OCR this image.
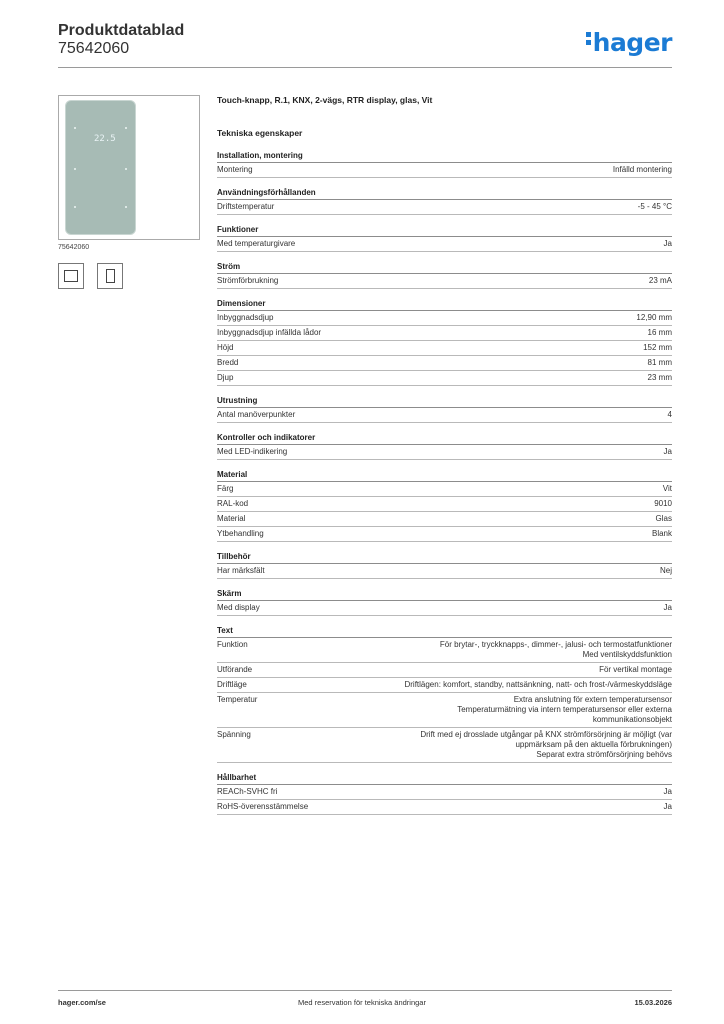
Produktdatablad
75642060	hager
22.5
75642060
Touch-knapp, R.1, KNX, 2-vägs, RTR display, glas, Vit
Tekniska egenskaper
Installation, montering
Montering	Infälld montering
Användningsförhållanden
Driftstemperatur	-5 - 45 °C
Funktioner
Med temperaturgivare	Ja
Ström
Strömförbrukning	23 mA
Dimensioner
Inbyggnadsdjup	12,90 mm
Inbyggnadsdjup infällda lådor	16 mm
Höjd	152 mm
Bredd	81 mm
Djup	23 mm
Utrustning
Antal manöverpunkter	4
Kontroller och indikatorer
Med LED-indikering	Ja
Material
Färg	Vit
RAL-kod	9010
Material	Glas
Ytbehandling	Blank
Tillbehör
Har märksfält	Nej
Skärm
Med display	Ja
Text
Funktion	För brytar-, tryckknapps-, dimmer-, jalusi- och termostatfunktioner
Med ventilskyddsfunktion
Utförande	För vertikal montage
Driftläge	Driftlägen: komfort, standby, nattsänkning, natt- och frost-/värmeskyddsläge
Temperatur	Extra anslutning för extern temperatursensor
Temperaturmätning via intern temperatursensor eller externa
kommunikationsobjekt
Spänning	Drift med ej drosslade utgångar på KNX strömförsörjning är möjligt (var
uppmärksam på den aktuella förbrukningen)
Separat extra strömförsörjning behövs
Hållbarhet
REACh-SVHC fri	Ja
RoHS-överensstämmelse	Ja
hager.com/se	Med reservation för tekniska ändringar	15.03.2026
